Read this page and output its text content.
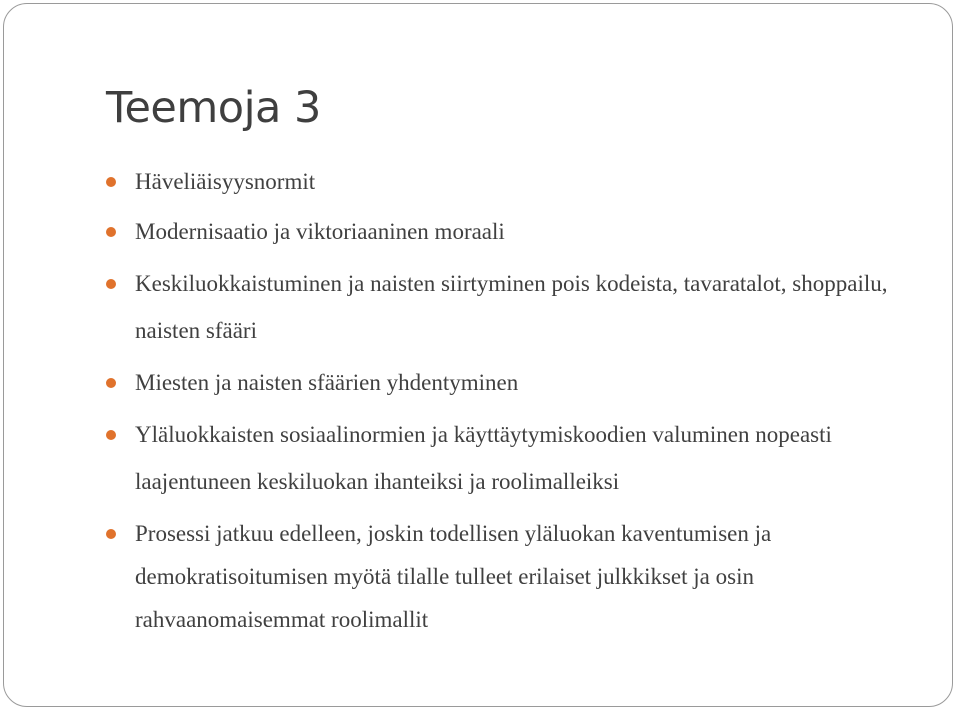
Teemoja 3
Häveliäisyysnormit
Modernisaatio ja viktoriaaninen moraali
Keskiluokkaistuminen ja naisten siirtyminen pois kodeista, tavaratalot, shoppailu, naisten sfääri
Miesten ja naisten sfäärien yhdentyminen
Yläluokkaisten sosiaalinormien ja käyttäytymiskoodien valuminen nopeasti laajentuneen keskiluokan ihanteiksi ja roolimalleiksi
Prosessi jatkuu edelleen, joskin todellisen yläluokan kaventumisen ja demokratisoitumisen myötä tilalle tulleet erilaiset julkkikset ja osin rahvaanomaisemmat roolimallit
